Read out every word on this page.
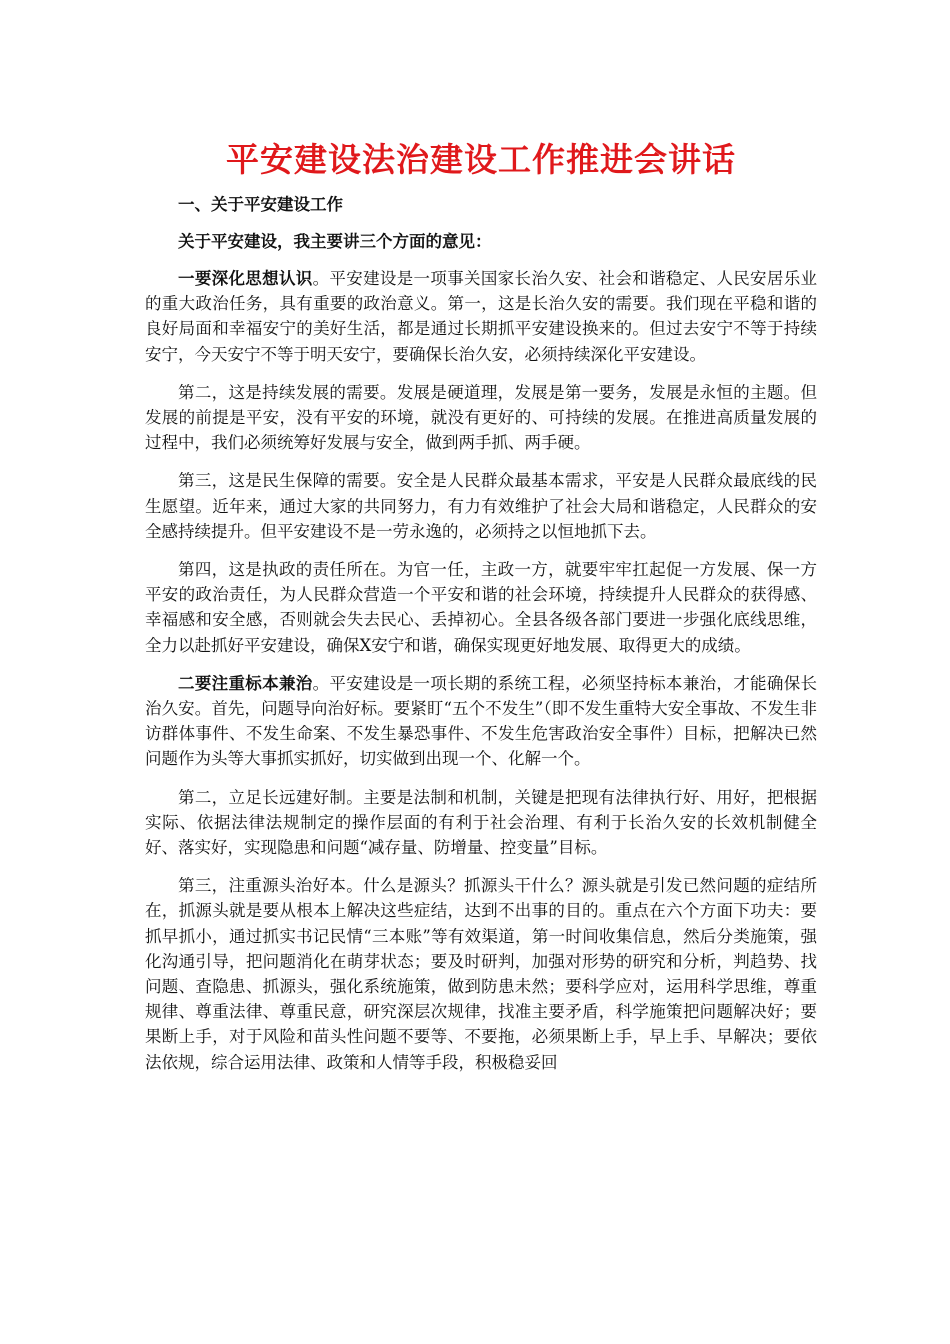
平安建设法治建设工作推进会讲话

一、关于平安建设工作

关于平安建设，我主要讲三个方面的意见：

一要深化思想认识。平安建设是一项事关国家长治久安、社会和谐稳定、人民安居乐业的重大政治任务，具有重要的政治意义。第一，这是长治久安的需要。我们现在平稳和谐的良好局面和幸福安宁的美好生活，都是通过长期抓平安建设换来的。但过去安宁不等于持续安宁，今天安宁不等于明天安宁，要确保长治久安，必须持续深化平安建设。

第二，这是持续发展的需要。发展是硬道理，发展是第一要务，发展是永恒的主题。但发展的前提是平安，没有平安的环境，就没有更好的、可持续的发展。在推进高质量发展的过程中，我们必须统筹好发展与安全，做到两手抓、两手硬。

第三，这是民生保障的需要。安全是人民群众最基本需求，平安是人民群众最底线的民生愿望。近年来，通过大家的共同努力，有力有效维护了社会大局和谐稳定，人民群众的安全感持续提升。但平安建设不是一劳永逸的，必须持之以恒地抓下去。

第四，这是执政的责任所在。为官一任，主政一方，就要牢牢扛起促一方发展、保一方平安的政治责任，为人民群众营造一个平安和谐的社会环境，持续提升人民群众的获得感、幸福感和安全感，否则就会失去民心、丢掉初心。全县各级各部门要进一步强化底线思维，全力以赴抓好平安建设，确保X安宁和谐，确保实现更好地发展、取得更大的成绩。

二要注重标本兼治。平安建设是一项长期的系统工程，必须坚持标本兼治，才能确保长治久安。首先，问题导向治好标。要紧盯“五个不发生”（即不发生重特大安全事故、不发生非访群体事件、不发生命案、不发生暴恐事件、不发生危害政治安全事件）目标，把解决已然问题作为头等大事抓实抓好，切实做到出现一个、化解一个。

第二，立足长远建好制。主要是法制和机制，关键是把现有法律执行好、用好，把根据实际、依据法律法规制定的操作层面的有利于社会治理、有利于长治久安的长效机制健全好、落实好，实现隐患和问题“减存量、防增量、控变量”目标。

第三，注重源头治好本。什么是源头？抓源头干什么？源头就是引发已然问题的症结所在，抓源头就是要从根本上解决这些症结，达到不出事的目的。重点在六个方面下功夫：要抓早抓小，通过抓实书记民情“三本账”等有效渠道，第一时间收集信息，然后分类施策，强化沟通引导，把问题消化在萌芽状态；要及时研判，加强对形势的研究和分析，判趋势、找问题、查隐患、抓源头，强化系统施策，做到防患未然；要科学应对，运用科学思维，尊重规律、尊重法律、尊重民意，研究深层次规律，找准主要矛盾，科学施策把问题解决好；要果断上手，对于风险和苗头性问题不要等、不要拖，必须果断上手，早上手、早解决；要依法依规，综合运用法律、政策和人情等手段，积极稳妥回
